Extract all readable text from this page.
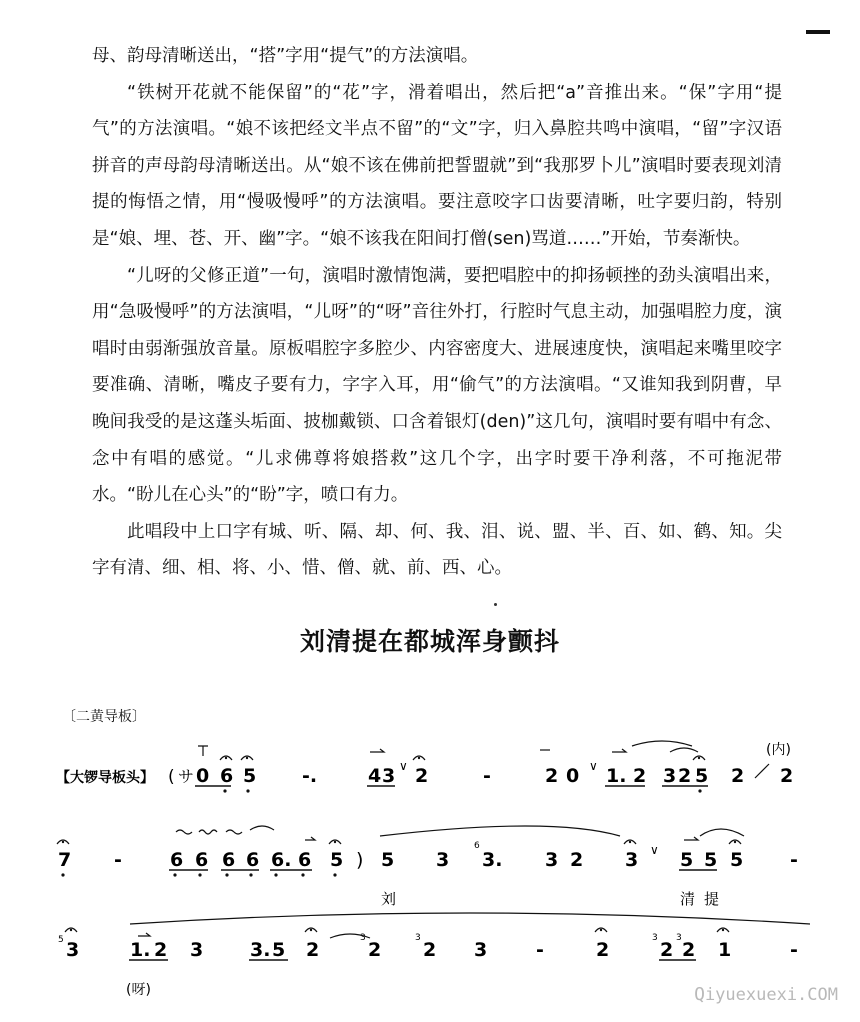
母、韵母清晰送出，“搭”字用“提气”的方法演唱。

“铁树开花就不能保留”的“花”字，滑着唱出，然后把“a”音推出来。“保”字用“提气”的方法演唱。“娘不该把经文半点不留”的“文”字，归入鼻腔共鸣中演唱，“留”字汉语拼音的声母韵母清晰送出。从“娘不该在佛前把誓盟就”到“我那罗卜儿”演唱时要表现刘清提的悔悟之情，用“慢吸慢呼”的方法演唱。要注意咬字口齿要清晰，吐字要归韵，特别是“娘、埋、苍、开、幽”字。“娘不该我在阳间打僧(sen)骂道……”开始，节奏渐快。

“儿呀的父修正道”一句，演唱时激情饱满，要把唱腔中的抑扬顿挫的劲头演唱出来，用“急吸慢呼”的方法演唱，“儿呀”的“呀”音往外打，行腔时气息主动，加强唱腔力度，演唱时由弱渐强放音量。原板唱腔字多腔少、内容密度大、进展速度快，演唱起来嘴里咬字要准确、清晰，嘴皮子要有力，字字入耳，用“偷气”的方法演唱。“又谁知我到阴曹，早晚间我受的是这蓬头垢面、披枷戴锁、口含着银灯(den)”这几句，演唱时要有唱中有念、念中有唱的感觉。“儿求佛尊将娘搭救”这几个字，出字时要干净利落，不可拖泥带水。“盼儿在心头”的“盼”字，喷口有力。

此唱段中上口字有城、听、隔、却、何、我、泪、说、盟、半、百、如、鹤、知。尖字有清、细、相、将、小、惜、僧、就、前、西、心。

刘清提在都城浑身颤抖
〔二黄导板〕
【大锣导板头】 ( サ 0 6 5 -.	4 3 2	-	2 0 1. 2 3 2 5 2 2
∨	∨
(内)
7 -	6 6 6 6 6. 6 5 5 3 3. 3 2 3 5 5 5 -
)	∨
刘	清 提
6
3	1. 2 3 3. 5 2	2 2 3	-	2	2 2 1	-
(呀)
5	3	3	3 3
Qiyuexuexi.COM
